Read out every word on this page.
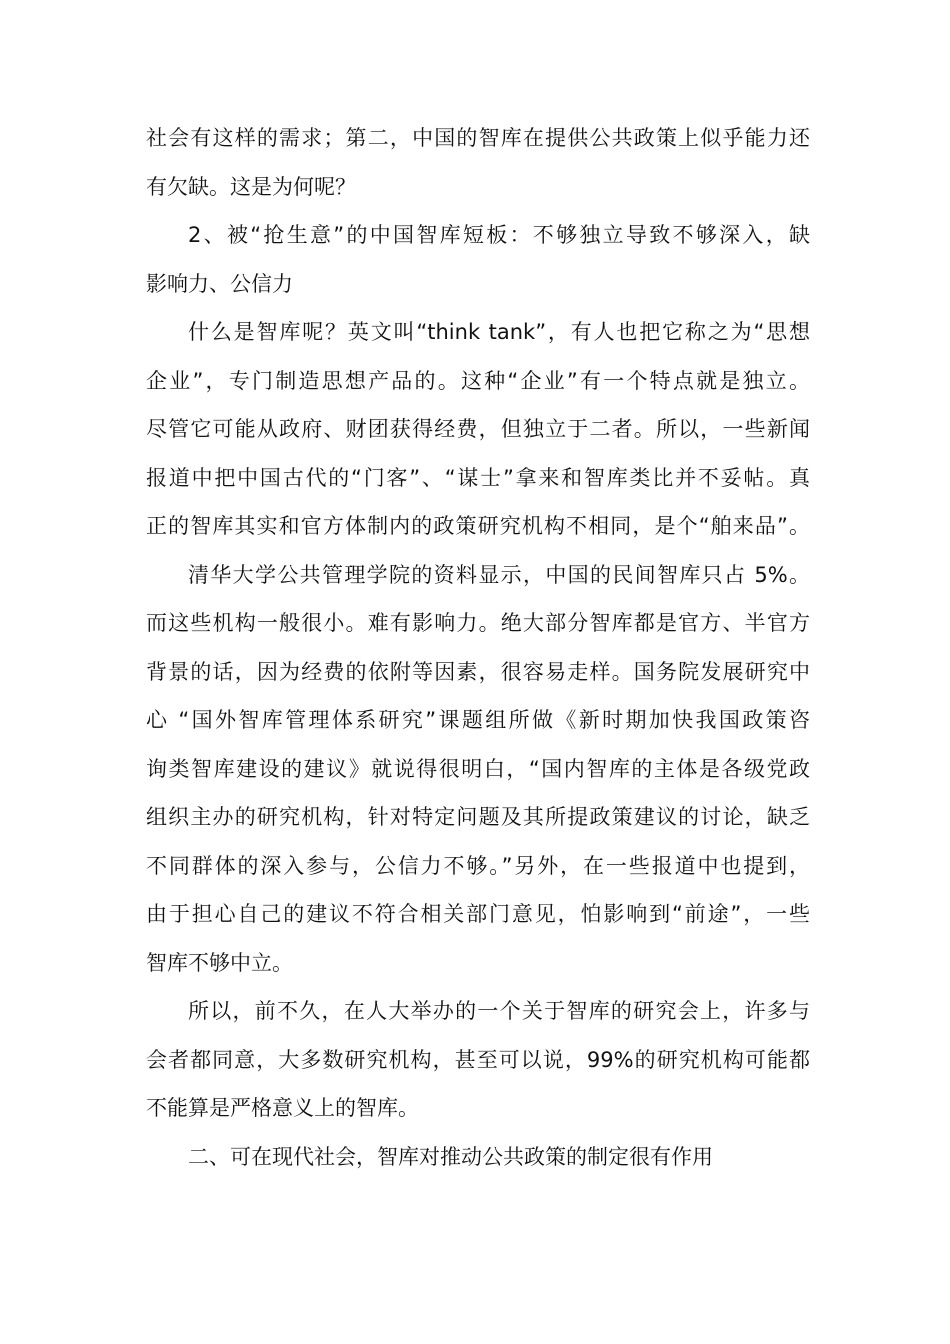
社会有这样的需求；第二，中国的智库在提供公共政策上似乎能力还
有欠缺。这是为何呢？
2、被“抢生意”的中国智库短板：不够独立导致不够深入，缺
影响力、公信力
什么是智库呢？英文叫“think tank”，有人也把它称之为“思想
企业”，专门制造思想产品的。这种“企业”有一个特点就是独立。
尽管它可能从政府、财团获得经费，但独立于二者。所以，一些新闻
报道中把中国古代的“门客”、“谋士”拿来和智库类比并不妥帖。真
正的智库其实和官方体制内的政策研究机构不相同，是个“舶来品”。
清华大学公共管理学院的资料显示，中国的民间智库只占 5%。
而这些机构一般很小。难有影响力。绝大部分智库都是官方、半官方
背景的话，因为经费的依附等因素，很容易走样。国务院发展研究中
心 “国外智库管理体系研究”课题组所做《新时期加快我国政策咨
询类智库建设的建议》就说得很明白，“国内智库的主体是各级党政
组织主办的研究机构，针对特定问题及其所提政策建议的讨论，缺乏
不同群体的深入参与，公信力不够。”另外，在一些报道中也提到，
由于担心自己的建议不符合相关部门意见，怕影响到“前途”，一些
智库不够中立。
所以，前不久，在人大举办的一个关于智库的研究会上，许多与
会者都同意，大多数研究机构，甚至可以说，99%的研究机构可能都
不能算是严格意义上的智库。
二、可在现代社会，智库对推动公共政策的制定很有作用
